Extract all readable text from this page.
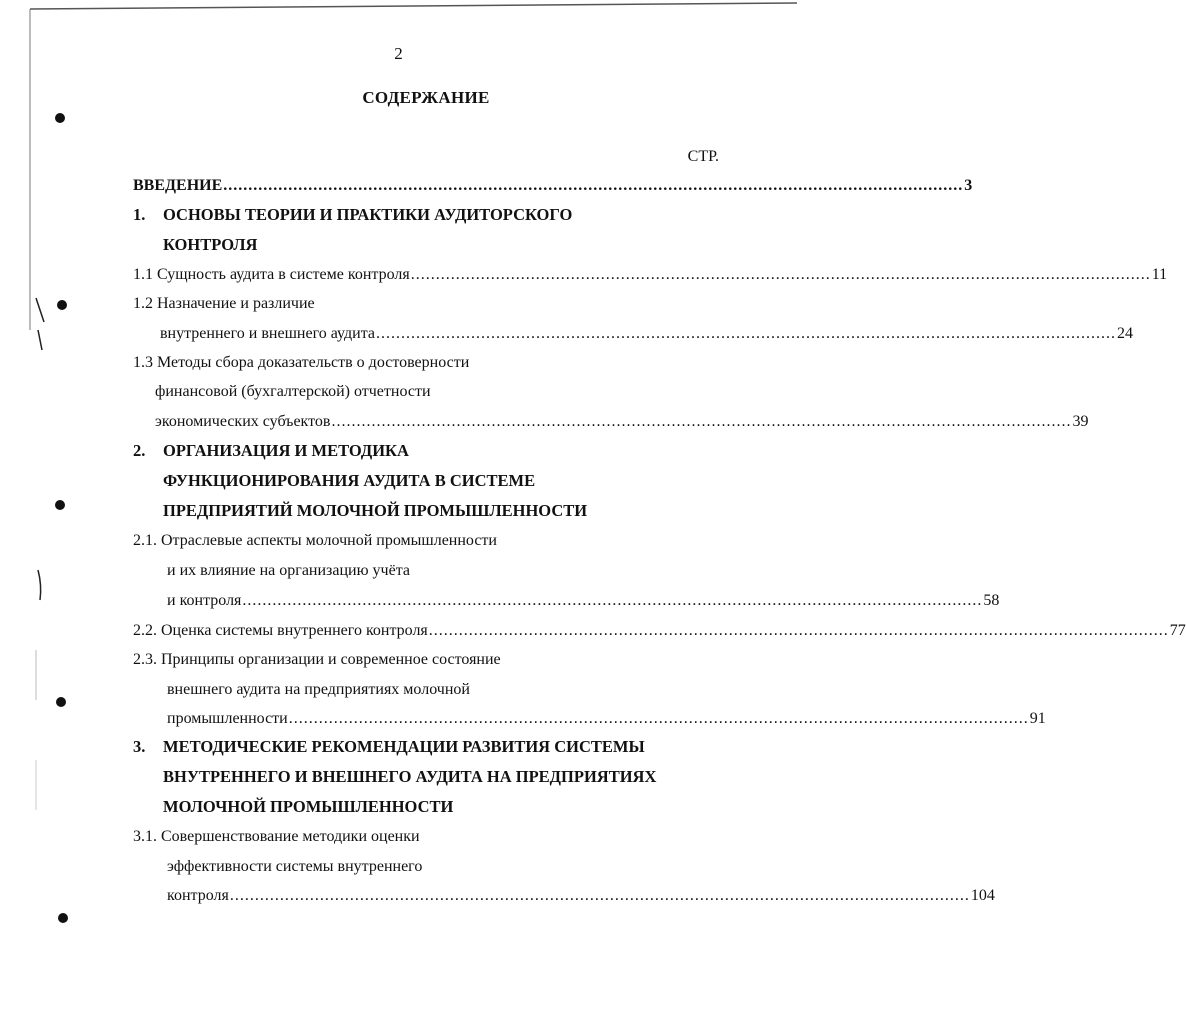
2
СОДЕРЖАНИЕ
СТР.
ВВЕДЕНИЕ .................................................................................................................................................... 3
1. ОСНОВЫ ТЕОРИИ И ПРАКТИКИ АУДИТОРСКОГО
КОНТРОЛЯ
1.1 Сущность аудита в системе контроля .................................................................................................................................................... 11
1.2 Назначение и различие
внутреннего и внешнего аудита .................................................................................................................................................... 24
1.3 Методы сбора доказательств о достоверности
финансовой (бухгалтерской) отчетности
экономических субъектов .................................................................................................................................................... 39
2. ОРГАНИЗАЦИЯ И МЕТОДИКА
ФУНКЦИОНИРОВАНИЯ АУДИТА В СИСТЕМЕ
ПРЕДПРИЯТИЙ МОЛОЧНОЙ ПРОМЫШЛЕННОСТИ
2.1. Отраслевые аспекты молочной промышленности
и их влияние на организацию учёта
и контроля .................................................................................................................................................... 58
2.2. Оценка системы внутреннего контроля .................................................................................................................................................... 77
2.3. Принципы организации и современное состояние
внешнего аудита на предприятиях молочной
промышленности .................................................................................................................................................... 91
3. МЕТОДИЧЕСКИЕ РЕКОМЕНДАЦИИ РАЗВИТИЯ СИСТЕМЫ
ВНУТРЕННЕГО И ВНЕШНЕГО АУДИТА НА ПРЕДПРИЯТИЯХ
МОЛОЧНОЙ ПРОМЫШЛЕННОСТИ
3.1. Совершенствование методики оценки
эффективности системы внутреннего
контроля .................................................................................................................................................... 104
